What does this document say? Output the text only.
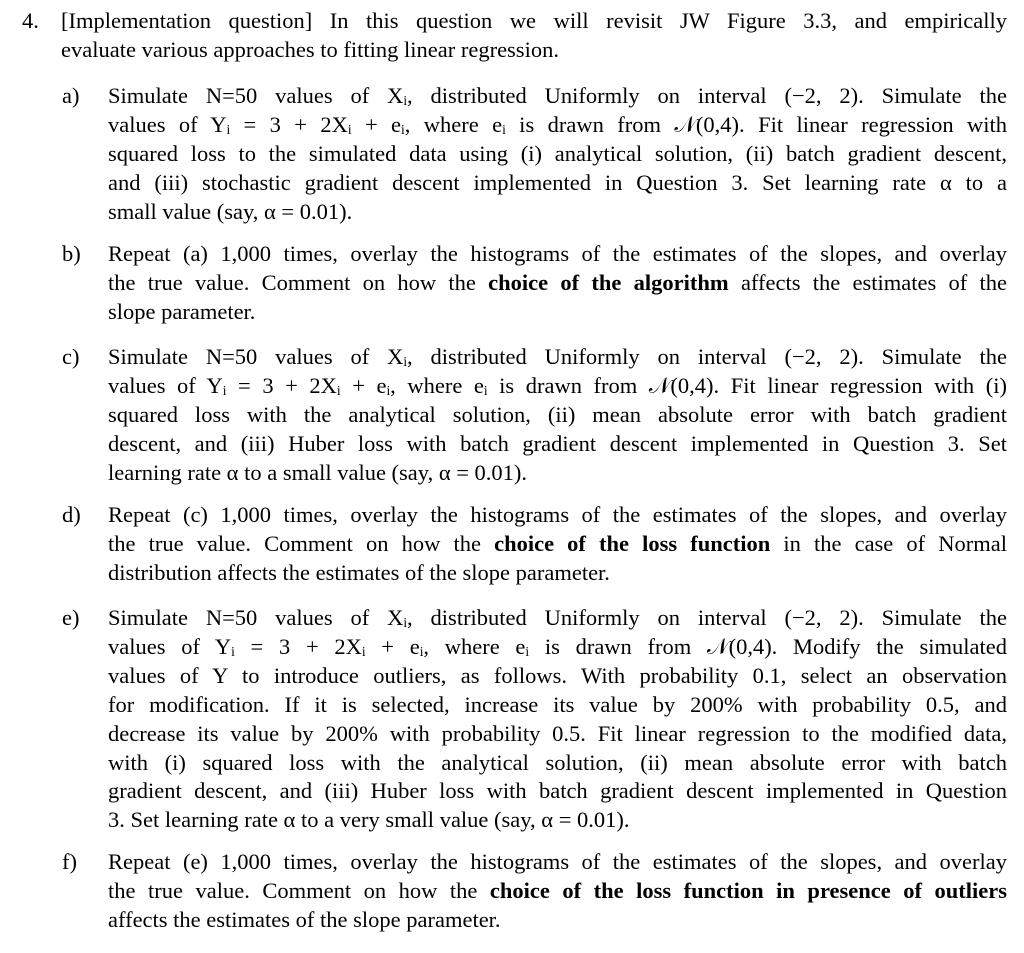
4. [Implementation question] In this question we will revisit JW Figure 3.3, and empirically
evaluate various approaches to fitting linear regression.
a) Simulate N=50 values of Xᵢ, distributed Uniformly on interval (−2, 2). Simulate the
values of Yᵢ = 3 + 2Xᵢ + eᵢ, where eᵢ is drawn from 𝒩(0,4). Fit linear regression with
squared loss to the simulated data using (i) analytical solution, (ii) batch gradient descent,
and (iii) stochastic gradient descent implemented in Question 3. Set learning rate α to a
small value (say, α = 0.01).
b) Repeat (a) 1,000 times, overlay the histograms of the estimates of the slopes, and overlay
the true value. Comment on how the choice of the algorithm affects the estimates of the
slope parameter.
c) Simulate N=50 values of Xᵢ, distributed Uniformly on interval (−2, 2). Simulate the
values of Yᵢ = 3 + 2Xᵢ + eᵢ, where eᵢ is drawn from 𝒩(0,4). Fit linear regression with (i)
squared loss with the analytical solution, (ii) mean absolute error with batch gradient
descent, and (iii) Huber loss with batch gradient descent implemented in Question 3. Set
learning rate α to a small value (say, α = 0.01).
d) Repeat (c) 1,000 times, overlay the histograms of the estimates of the slopes, and overlay
the true value. Comment on how the choice of the loss function in the case of Normal
distribution affects the estimates of the slope parameter.
e) Simulate N=50 values of Xᵢ, distributed Uniformly on interval (−2, 2). Simulate the
values of Yᵢ = 3 + 2Xᵢ + eᵢ, where eᵢ is drawn from 𝒩(0,4). Modify the simulated
values of Y to introduce outliers, as follows. With probability 0.1, select an observation
for modification. If it is selected, increase its value by 200% with probability 0.5, and
decrease its value by 200% with probability 0.5. Fit linear regression to the modified data,
with (i) squared loss with the analytical solution, (ii) mean absolute error with batch
gradient descent, and (iii) Huber loss with batch gradient descent implemented in Question
3. Set learning rate α to a very small value (say, α = 0.01).
f) Repeat (e) 1,000 times, overlay the histograms of the estimates of the slopes, and overlay
the true value. Comment on how the choice of the loss function in presence of outliers
affects the estimates of the slope parameter.
